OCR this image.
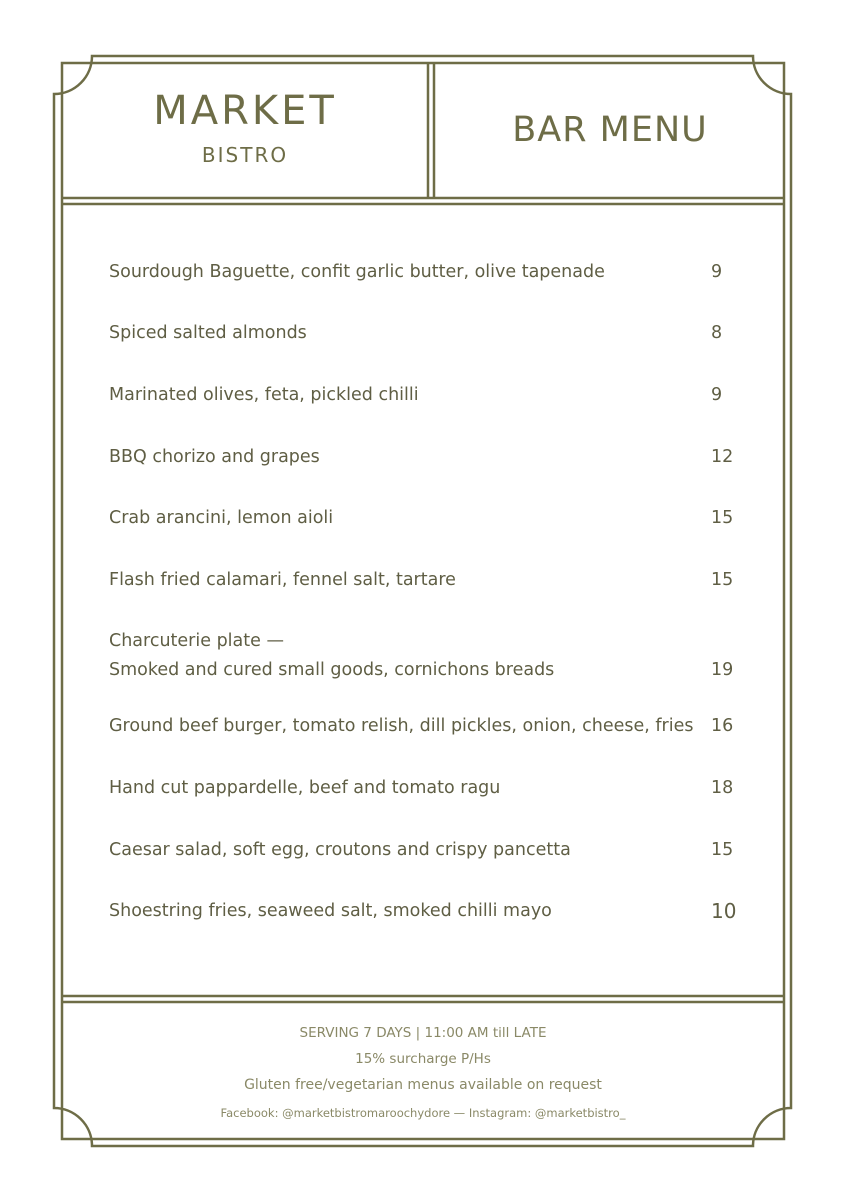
MARKET
BISTRO
BAR MENU
Sourdough Baguette, confit garlic butter, olive tapenade	9
Spiced salted almonds	8
Marinated olives, feta, pickled chilli	9
BBQ chorizo and grapes	12
Crab arancini, lemon aioli	15
Flash fried calamari, fennel salt, tartare	15
Charcuterie plate —
Smoked and cured small goods, cornichons breads	19
Ground beef burger, tomato relish, dill pickles, onion, cheese, fries 16
Hand cut pappardelle, beef and tomato ragu	18
Caesar salad, soft egg, croutons and crispy pancetta	15
Shoestring fries, seaweed salt, smoked chilli mayo	10
SERVING 7 DAYS | 11:00 AM till LATE
15% surcharge P/Hs
Gluten free/vegetarian menus available on request
Facebook: @marketbistromaroochydore — Instagram: @marketbistro_
